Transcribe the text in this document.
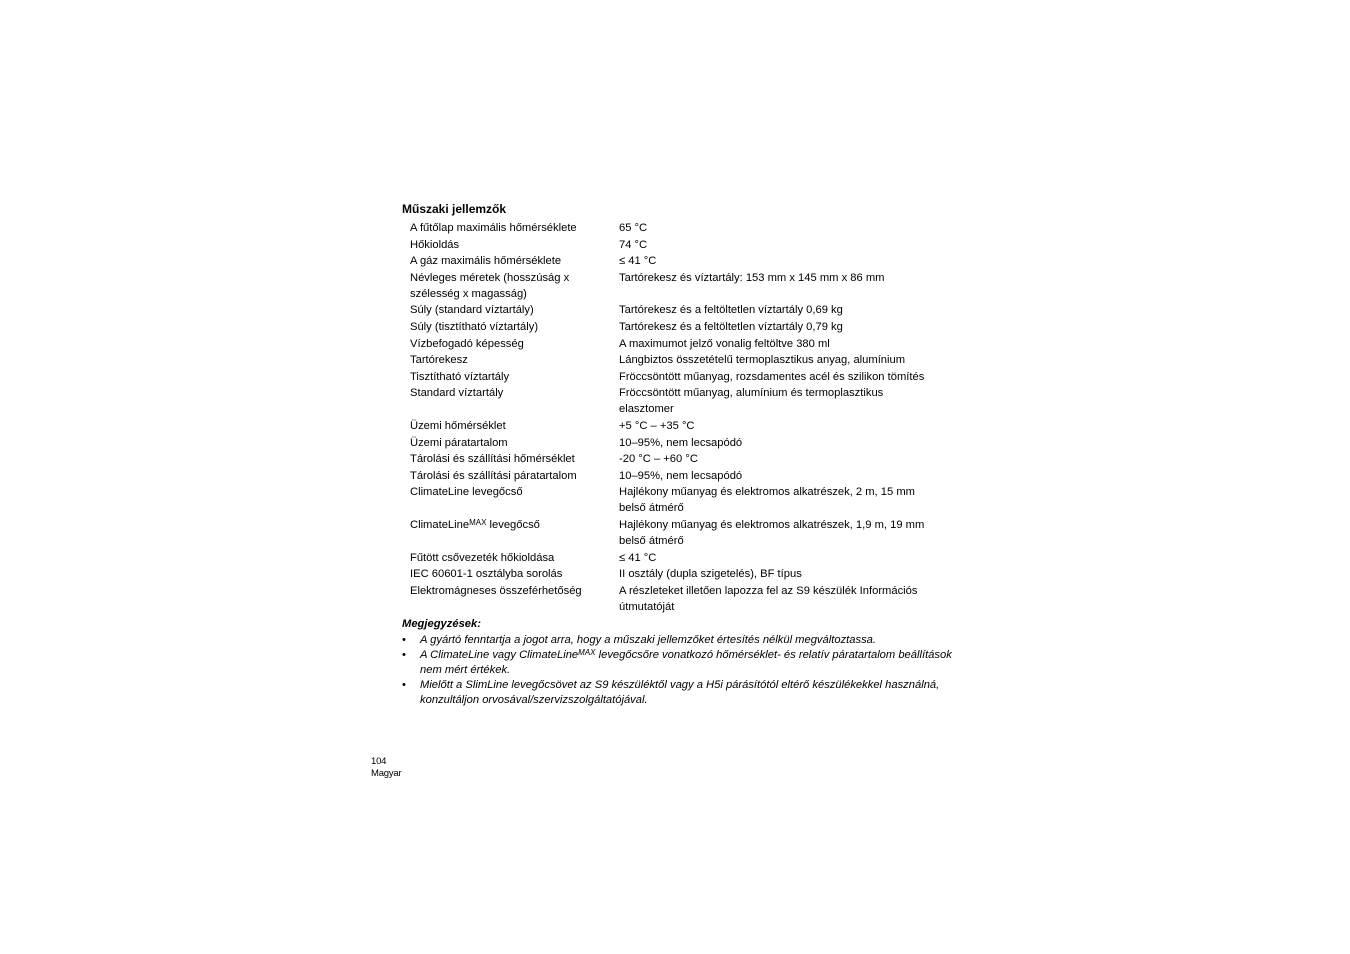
Műszaki jellemzők
A fűtőlap maximális hőmérséklete	65 °C
Hőkioldás	74 °C
A gáz maximális hőmérséklete	≤ 41 °C
Névleges méretek (hosszúság x szélesség x magasság)	Tartórekesz és víztartály: 153 mm x 145 mm x 86 mm
Súly (standard víztartály)	Tartórekesz és a feltöltetlen víztartály 0,69 kg
Súly (tisztítható víztartály)	Tartórekesz és a feltöltetlen víztartály 0,79 kg
Vízbefogadó képesség	A maximumot jelző vonalig feltöltve 380 ml
Tartórekesz	Lángbiztos összetételű termoplasztikus anyag, alumínium
Tisztítható víztartály	Fröccsöntött műanyag, rozsdamentes acél és szilikon tömítés
Standard víztartály	Fröccsöntött műanyag, alumínium és termoplasztikus elasztomer
Üzemi hőmérséklet	+5 °C – +35 °C
Üzemi páratartalom	10–95%, nem lecsapódó
Tárolási és szállítási hőmérséklet	-20 °C – +60 °C
Tárolási és szállítási páratartalom	10–95%, nem lecsapódó
ClimateLine levegőcső	Hajlékony műanyag és elektromos alkatrészek, 2 m, 15 mm belső átmérő
ClimateLine$^{MAX}$ levegőcső	Hajlékony műanyag és elektromos alkatrészek, 1,9 m, 19 mm belső átmérő
Fűtött csővezeték hőkioldása	≤ 41 °C
IEC 60601-1 osztályba sorolás	II osztály (dupla szigetelés), BF típus
Elektromágneses összeférhetőség	A részleteket illetően lapozza fel az S9 készülék Információs útmutatóját
Megjegyzések:
• A gyártó fenntartja a jogot arra, hogy a műszaki jellemzőket értesítés nélkül megváltoztassa.
• A ClimateLine vagy ClimateLine$^{MAX}$ levegőcsőre vonatkozó hőmérséklet- és relatív páratartalom beállítások nem mért értékek.
• Mielőtt a SlimLine levegőcsövet az S9 készüléktől vagy a H5i párásítótól eltérő készülékekkel használná, konzultáljon orvosával/szervizszolgáltatójával.
104
Magyar
